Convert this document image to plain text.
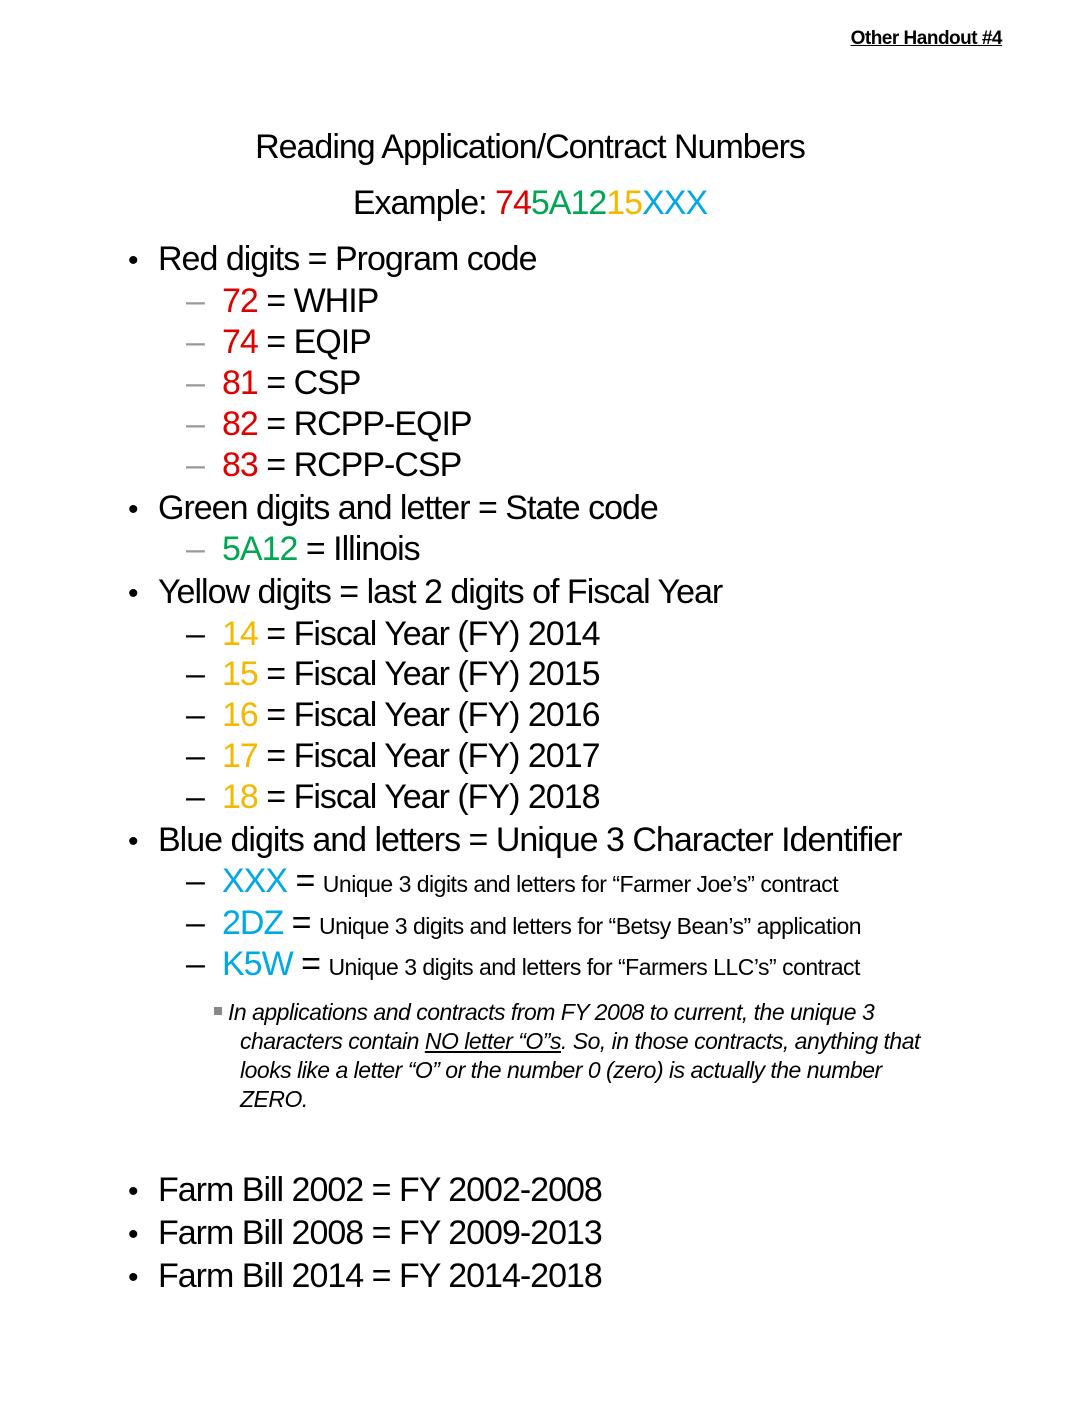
Other Handout #4
Reading Application/Contract Numbers
Example: 745A1215XXX
• Red digits = Program code
– 72 = WHIP
– 74 = EQIP
– 81 = CSP
– 82 = RCPP-EQIP
– 83 = RCPP-CSP
• Green digits and letter = State code
– 5A12 = Illinois
• Yellow digits = last 2 digits of Fiscal Year
– 14 = Fiscal Year (FY) 2014
– 15 = Fiscal Year (FY) 2015
– 16 = Fiscal Year (FY) 2016
– 17 = Fiscal Year (FY) 2017
– 18 = Fiscal Year (FY) 2018
• Blue digits and letters = Unique 3 Character Identifier
– XXX = Unique 3 digits and letters for “Farmer Joe’s” contract
– 2DZ = Unique 3 digits and letters for “Betsy Bean’s” application
– K5W = Unique 3 digits and letters for “Farmers LLC’s” contract
In applications and contracts from FY 2008 to current, the unique 3
characters contain NO letter “O”s. So, in those contracts, anything that
looks like a letter “O” or the number 0 (zero) is actually the number
ZERO.
• Farm Bill 2002 = FY 2002-2008
• Farm Bill 2008 = FY 2009-2013
• Farm Bill 2014 = FY 2014-2018
